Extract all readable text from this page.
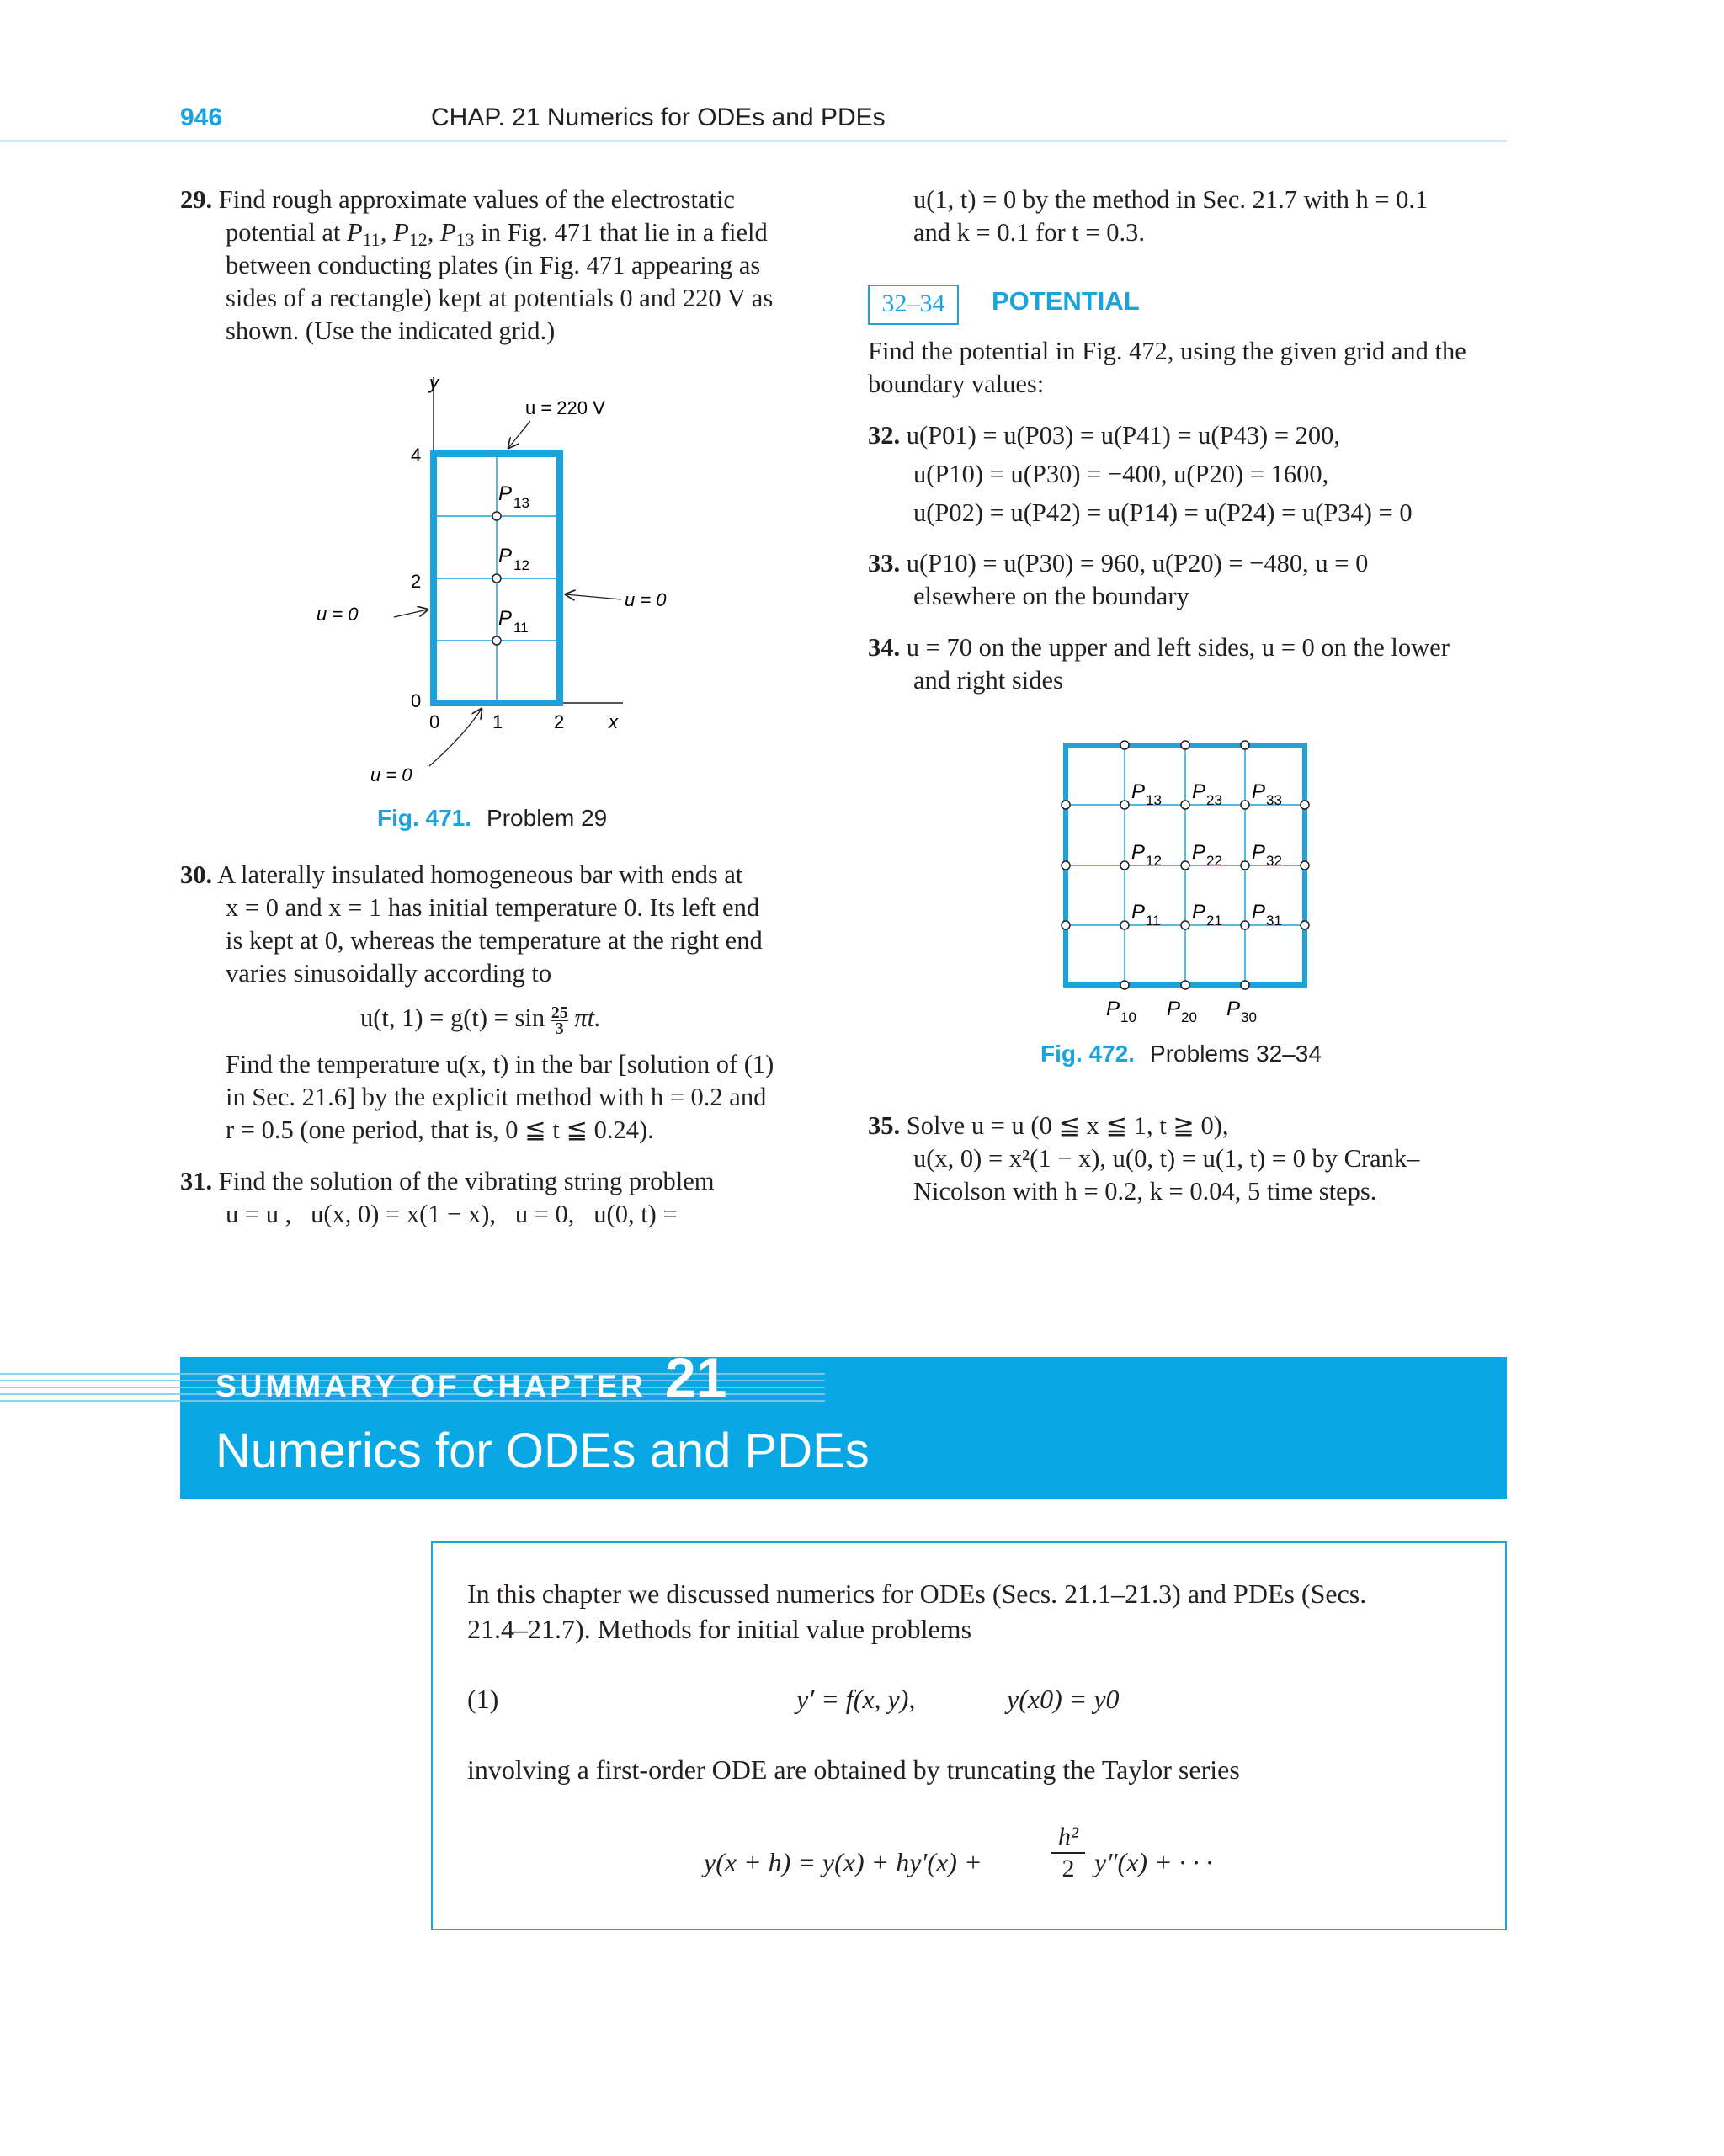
946	CHAP. 21 Numerics for ODEs and PDEs
29. Find rough approximate values of the electrostatic
potential at $P_{11}$, $P_{12}$, $P_{13}$ in Fig. 471 that lie in a field
between conducting plates (in Fig. 471 appearing as
sides of a rectangle) kept at potentials 0 and 220 V as
shown. (Use the indicated grid.)
y
u = 220 V
4
2
0
0	1	2 x
P 13
P 12
P 11
u = 0
u = 0
u = 0
Fig. 471. Problem 29
30. A laterally insulated homogeneous bar with ends at
x = 0 and x = 1 has initial temperature 0. Its left end
is kept at 0, whereas the temperature at the right end
varies sinusoidally according to
u(t, $1) = g(t) = \sin \frac{25}{3} \pi t$.
Find the temperature u(x, t) in the bar [solution of (1)
in Sec. 21.6] by the explicit method with h = 0.2 and
r = 0.5 (one period, that is, 0 ≦ t ≦ 0.24).
31. Find the solution of the vibrating string problem
u = u ,   u(x, 0) = x(1 − x),   u = 0,   u(0, t) =
u(1, t) = 0 by the method in Sec. 21.7 with h = 0.1
and k = 0.1 for t = 0.3.
32–34	POTENTIAL
Find the potential in Fig. 472, using the given grid and the
boundary values:
32. u(P01) = u(P03) = u(P41) = u(P43) = 200,
u(P10) = u(P30) = −400, u(P20) = 1600,
u(P02) = u(P42) = u(P14) = u(P24) = u(P34) = 0
33. u(P10) = u(P30) = 960, u(P20) = −480, u = 0
elsewhere on the boundary
34. u = 70 on the upper and left sides, u = 0 on the lower
and right sides
P 13 P 23 P 33
P 12 P 22 P 32
P 11 P 21 P 31
P 10 P 20 P 30
Fig. 472. Problems 32–34
35. Solve u = u (0 ≦ x ≦ 1, t ≧ 0),
u(x, 0) = x²(1 − x), u(0, t) = u(1, t) = 0 by Crank–
Nicolson with h = 0.2, k = 0.04, 5 time steps.
SUMMARY OF CHAPTER 21
Numerics for ODEs and PDEs
In this chapter we discussed numerics for ODEs (Secs. 21.1–21.3) and PDEs (Secs.
21.4–21.7). Methods for initial value problems
(1)	y′ = f(x, y),	y(x0) = y0
involving a first-order ODE are obtained by truncating the Taylor series
y(x + h) = y(x) + hy′(x) +	$\frac{\text{h²}}{2} y''(x)$ + · · ·
